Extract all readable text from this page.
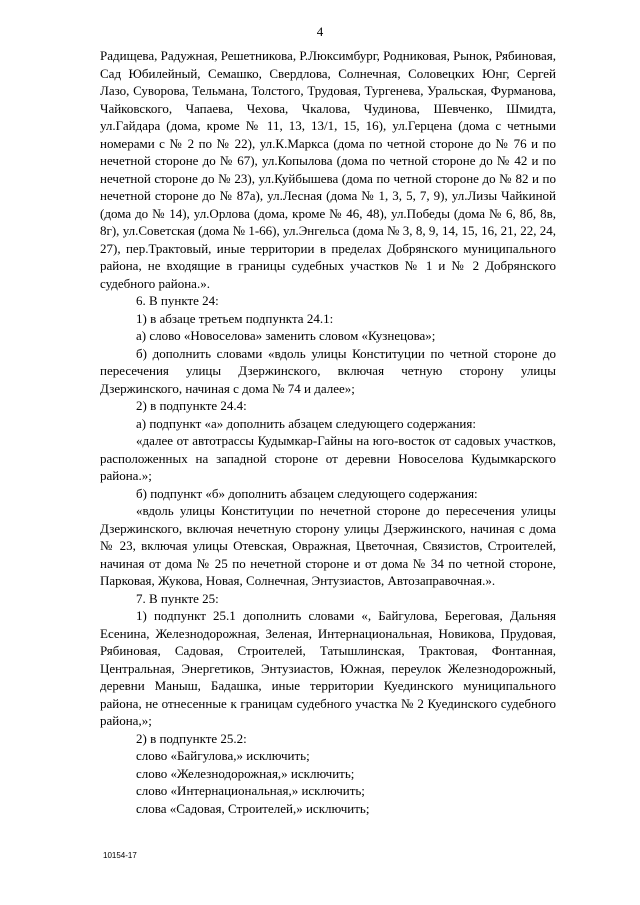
4

Радищева, Радужная, Решетникова, Р.Люксимбург, Родниковая, Рынок, Рябиновая, Сад Юбилейный, Семашко, Свердлова, Солнечная, Соловецких Юнг, Сергей Лазо, Суворова, Тельмана, Толстого, Трудовая, Тургенева, Уральская, Фурманова, Чайковского, Чапаева, Чехова, Чкалова, Чудинова, Шевченко, Шмидта, ул.Гайдара (дома, кроме № 11, 13, 13/1, 15, 16), ул.Герцена (дома с четными номерами с № 2 по № 22), ул.К.Маркса (дома по четной стороне до № 76 и по нечетной стороне до № 67), ул.Копылова (дома по четной стороне до № 42 и по нечетной стороне до № 23), ул.Куйбышева (дома по четной стороне до № 82 и по нечетной стороне до № 87а), ул.Лесная (дома № 1, 3, 5, 7, 9), ул.Лизы Чайкиной (дома до № 14), ул.Орлова (дома, кроме № 46, 48), ул.Победы (дома № 6, 8б, 8в, 8г), ул.Советская (дома № 1-66), ул.Энгельса (дома № 3, 8, 9, 14, 15, 16, 21, 22, 24, 27), пер.Трактовый, иные территории в пределах Добрянского муниципального района, не входящие в границы судебных участков № 1 и № 2 Добрянского судебного района.».

6. В пункте 24:

1) в абзаце третьем подпункта 24.1:

а) слово «Новоселова» заменить словом «Кузнецова»;

б) дополнить словами «вдоль улицы Конституции по четной стороне до пересечения улицы Дзержинского, включая четную сторону улицы Дзержинского, начиная с дома № 74 и далее»;

2) в подпункте 24.4:

а) подпункт «а» дополнить абзацем следующего содержания:

«далее от автотрассы Кудымкар-Гайны на юго-восток от садовых участков, расположенных на западной стороне от деревни Новоселова Кудымкарского района.»;

б) подпункт «б» дополнить абзацем следующего содержания:

«вдоль улицы Конституции по нечетной стороне до пересечения улицы Дзержинского, включая нечетную сторону улицы Дзержинского, начиная с дома № 23, включая улицы Отевская, Овражная, Цветочная, Связистов, Строителей, начиная от дома № 25 по нечетной стороне и от дома № 34 по четной стороне, Парковая, Жукова, Новая, Солнечная, Энтузиастов, Автозаправочная.».

7. В пункте 25:

1) подпункт 25.1 дополнить словами «, Байгулова, Береговая, Дальняя Есенина, Железнодорожная, Зеленая, Интернациональная, Новикова, Прудовая, Рябиновая, Садовая, Строителей, Татышлинская, Трактовая, Фонтанная, Центральная, Энергетиков, Энтузиастов, Южная, переулок Железнодорожный, деревни Маныш, Бадашка, иные территории Куединского муниципального района, не отнесенные к границам судебного участка № 2 Куединского судебного района,»;

2) в подпункте 25.2:

слово «Байгулова,» исключить;

слово «Железнодорожная,» исключить;

слово «Интернациональная,» исключить;

слова «Садовая, Строителей,» исключить;

10154-17
